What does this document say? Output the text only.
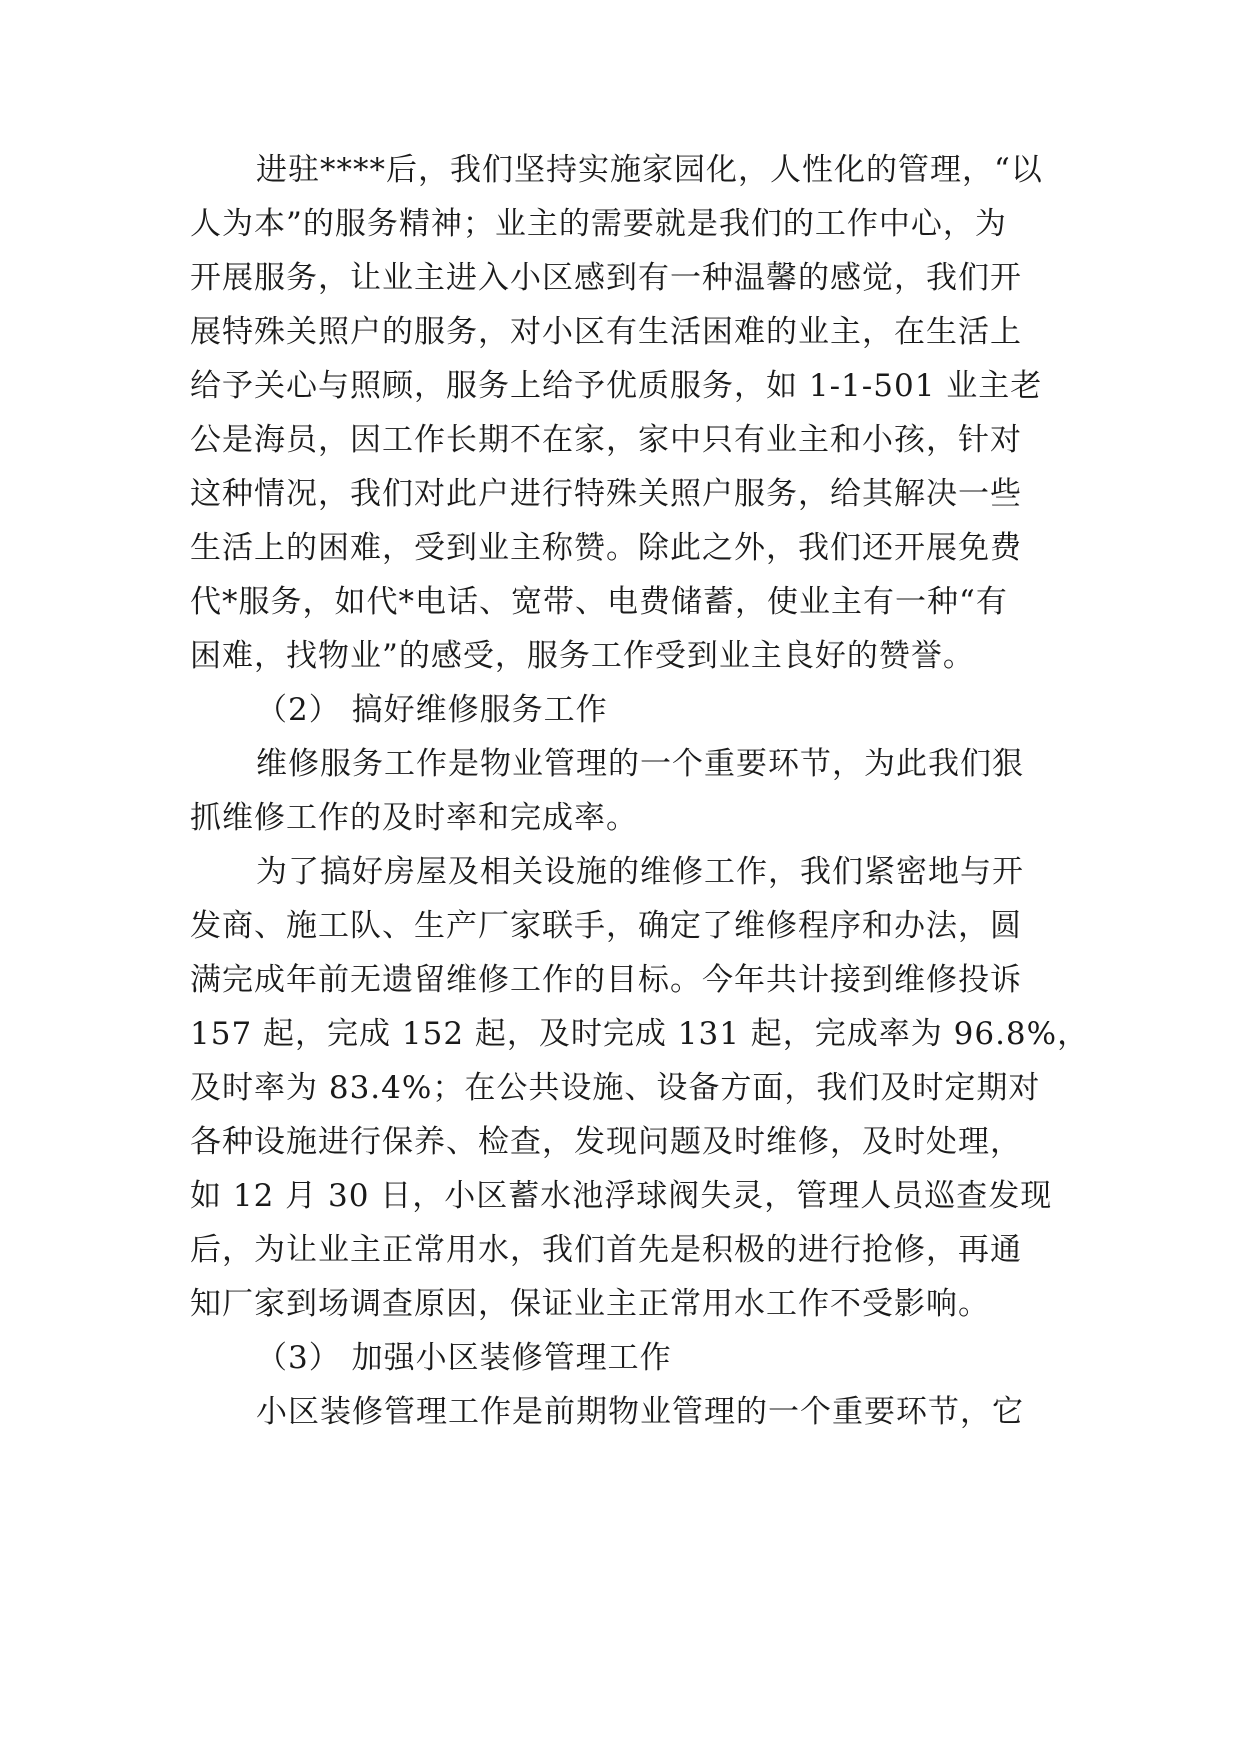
进驻****后，我们坚持实施家园化，人性化的管理，“以
人为本”的服务精神；业主的需要就是我们的工作中心，为
开展服务，让业主进入小区感到有一种温馨的感觉，我们开
展特殊关照户的服务，对小区有生活困难的业主，在生活上
给予关心与照顾，服务上给予优质服务，如 1-1-501 业主老
公是海员，因工作长期不在家，家中只有业主和小孩，针对
这种情况，我们对此户进行特殊关照户服务，给其解决一些
生活上的困难，受到业主称赞。除此之外，我们还开展免费
代*服务，如代*电话、宽带、电费储蓄，使业主有一种“有
困难，找物业”的感受，服务工作受到业主良好的赞誉。
（2） 搞好维修服务工作
维修服务工作是物业管理的一个重要环节，为此我们狠
抓维修工作的及时率和完成率。
为了搞好房屋及相关设施的维修工作，我们紧密地与开
发商、施工队、生产厂家联手，确定了维修程序和办法，圆
满完成年前无遗留维修工作的目标。今年共计接到维修投诉
157 起，完成 152 起，及时完成 131 起，完成率为 96.8%，
及时率为 83.4%；在公共设施、设备方面，我们及时定期对
各种设施进行保养、检查，发现问题及时维修，及时处理，
如 12 月 30 日，小区蓄水池浮球阀失灵，管理人员巡查发现
后，为让业主正常用水，我们首先是积极的进行抢修，再通
知厂家到场调查原因，保证业主正常用水工作不受影响。
（3） 加强小区装修管理工作
小区装修管理工作是前期物业管理的一个重要环节，它
